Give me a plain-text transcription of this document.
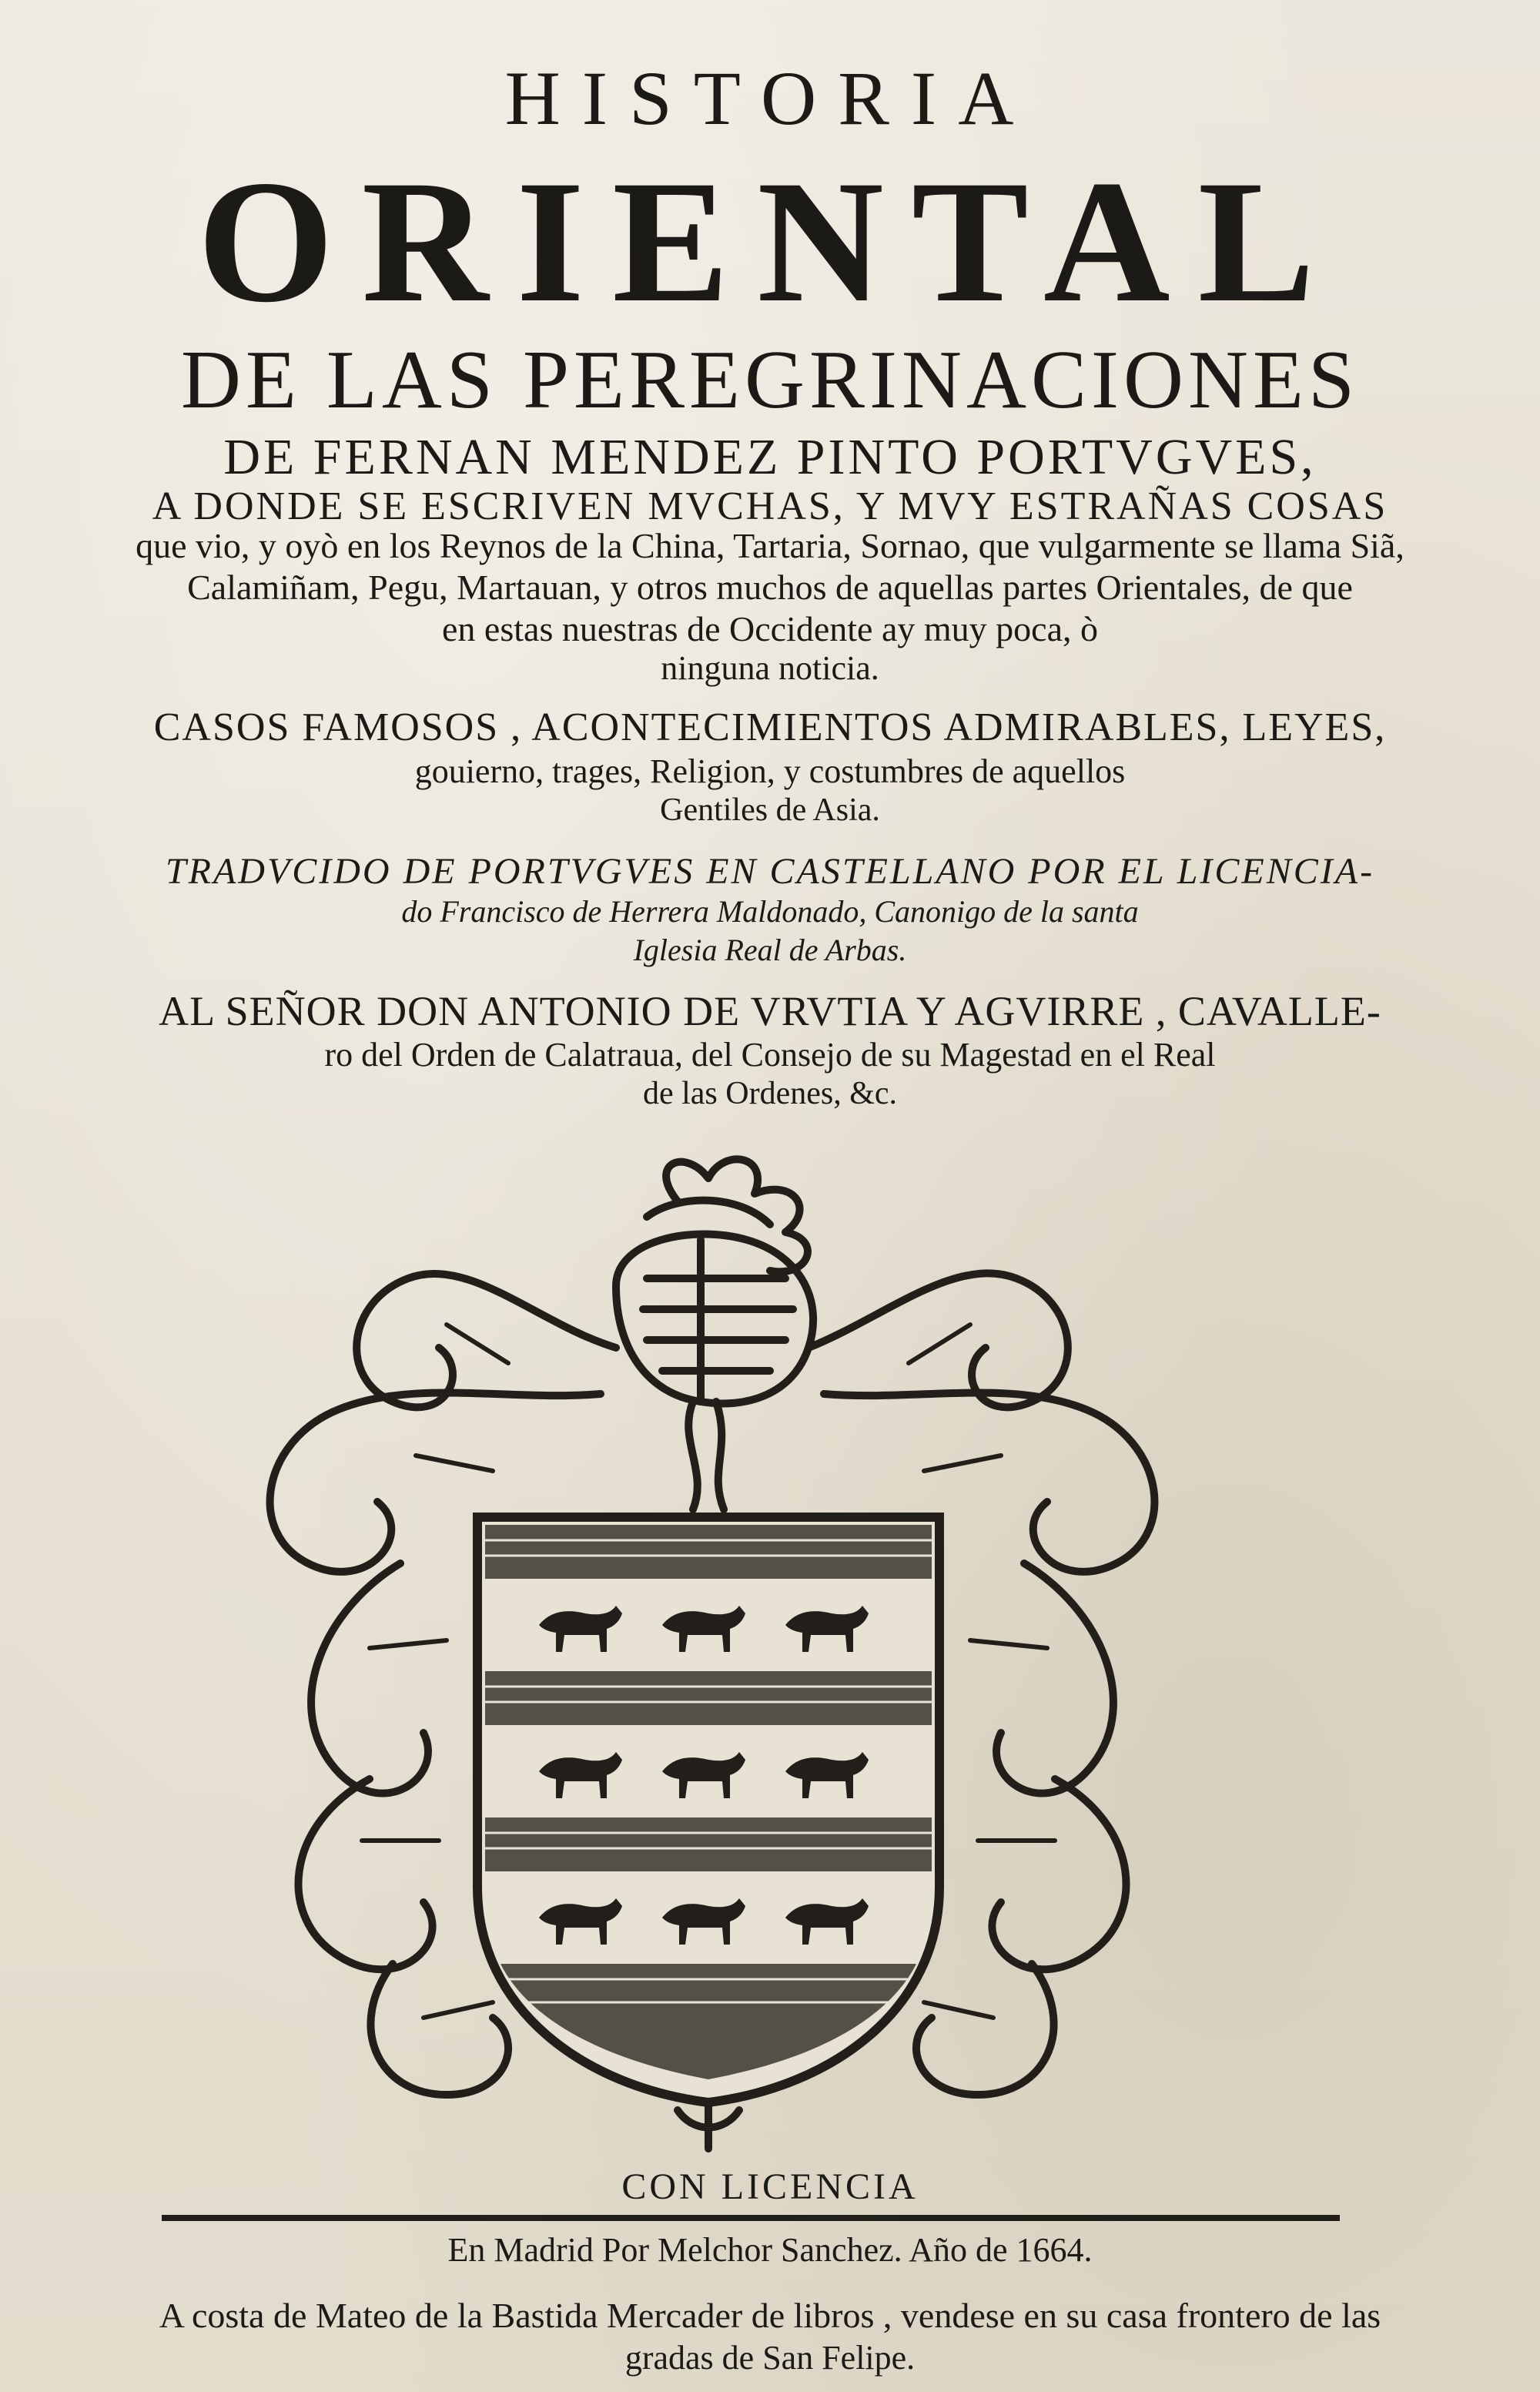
HISTORIA

ORIENTAL

DE LAS PEREGRINACIONES

DE FERNAN MENDEZ PINTO PORTVGVES,

A DONDE SE ESCRIVEN MVCHAS, Y MVY ESTRAÑAS COSAS

que vio, y oyò en los Reynos de la China, Tartaria, Sornao, que vulgarmente se llama Siã,

Calamiñam, Pegu, Martauan, y otros muchos de aquellas partes Orientales, de que

en estas nuestras de Occidente ay muy poca, ò

ninguna noticia.

CASOS FAMOSOS , ACONTECIMIENTOS ADMIRABLES, LEYES,

gouierno, trages, Religion, y costumbres de aquellos

Gentiles de Asia.

TRADVCIDO DE PORTVGVES EN CASTELLANO POR EL LICENCIA-

do Francisco de Herrera Maldonado, Canonigo de la santa

Iglesia Real de Arbas.

AL SEÑOR DON ANTONIO DE VRVTIA Y AGVIRRE , CAVALLE-

ro del Orden de Calatraua, del Consejo de su Magestad en el Real

de las Ordenes, &c.

CON LICENCIA

En Madrid Por Melchor Sanchez. Año de 1664.

A costa de Mateo de la Bastida Mercader de libros , vendese en su casa frontero de las

gradas de San Felipe.
